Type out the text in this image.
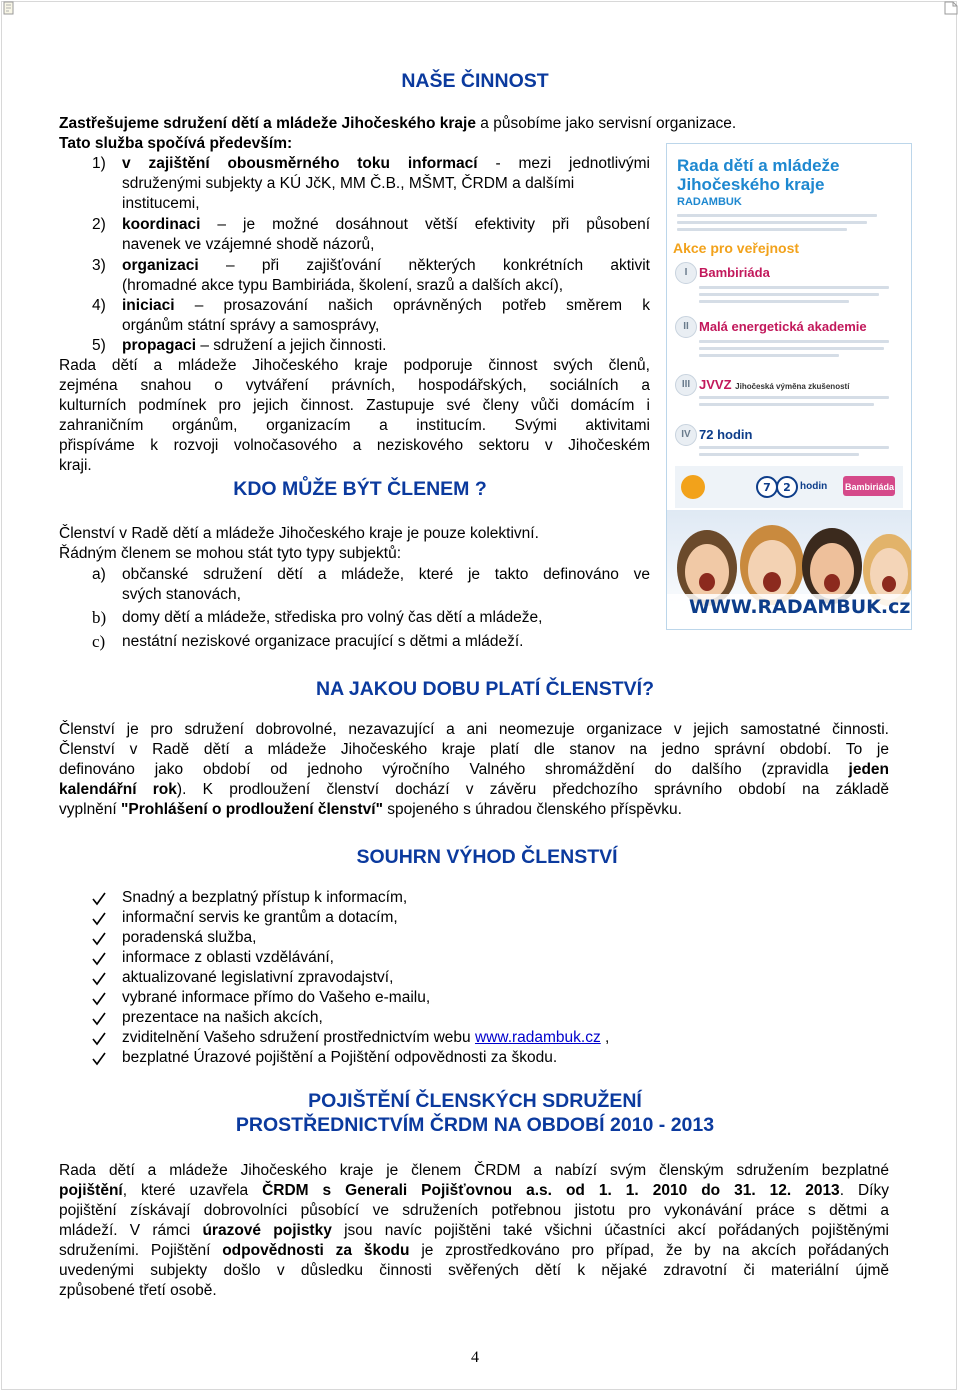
NAŠE ČINNOST
Zastřešujeme sdružení dětí a mládeže Jihočeského kraje a působíme jako servisní organizace.
Tato služba spočívá především:
1) v zajištění obousměrného toku informací - mezi jednotlivými
sdruženými subjekty a KÚ JčK, MM Č.B., MŠMT, ČRDM a dalšími
institucemi,
2) koordinaci – je možné dosáhnout větší efektivity při působení
navenek ve vzájemné shodě názorů,
3) organizaci – při zajišťování některých konkrétních aktivit
(hromadné akce typu Bambiriáda, školení, srazů a dalších akcí),
4) iniciaci – prosazování našich oprávněných potřeb směrem k
orgánům státní správy a samosprávy,
5) propagaci – sdružení a jejich činnosti.
Rada dětí a mládeže Jihočeského kraje podporuje činnost svých členů,
zejména snahou o vytváření právních, hospodářských, sociálních a
kulturních podmínek pro jejich činnost. Zastupuje své členy vůči domácím i
zahraničním orgánům, organizacím a institucím. Svými aktivitami
přispíváme k rozvoji volnočasového a neziskového sektoru v Jihočeském
kraji.
KDO MŮŽE BÝT ČLENEM ?
Členství v Radě dětí a mládeže Jihočeského kraje je pouze kolektivní.
Řádným členem se mohou stát tyto typy subjektů:
a) občanské sdružení dětí a mládeže, které je takto definováno ve
svých stanovách,
b) domy dětí a mládeže, střediska pro volný čas dětí a mládeže,
c) nestátní neziskové organizace pracující s dětmi a mládeží.
Rada dětí a mládeže
Jihočeského kraje
RADAMBUK
Akce pro veřejnost
I Bambiriáda
II Malá energetická akademie
III JVVZ Jihočeská výměna zkušeností
IV 72 hodin
7 2 hodin Bambiriáda
WWW.RADAMBUK.cz
NA JAKOU DOBU PLATÍ ČLENSTVÍ?
Členství je pro sdružení dobrovolné, nezavazující a ani neomezuje organizace v jejich samostatné činnosti.
Členství v Radě dětí a mládeže Jihočeského kraje platí dle stanov na jedno správní období. To je
definováno jako období od jednoho výročního Valného shromáždění do dalšího (zpravidla jeden
kalendářní rok). K prodloužení členství dochází v závěru předchozího správního období na základě
vyplnění "Prohlášení o prodloužení členství" spojeného s úhradou členského příspěvku.
SOUHRN VÝHOD ČLENSTVÍ
Snadný a bezplatný přístup k informacím,
informační servis ke grantům a dotacím,
poradenská služba,
informace z oblasti vzdělávání,
aktualizované legislativní zpravodajství,
vybrané informace přímo do Vašeho e-mailu,
prezentace na našich akcích,
zviditelnění Vašeho sdružení prostřednictvím webu www.radambuk.cz ,
bezplatné Úrazové pojištění a Pojištění odpovědnosti za škodu.
POJIŠTĚNÍ ČLENSKÝCH SDRUŽENÍ
PROSTŘEDNICTVÍM ČRDM NA OBDOBÍ 2010 - 2013
Rada dětí a mládeže Jihočeského kraje je členem ČRDM a nabízí svým členským sdružením bezplatné
pojištění, které uzavřela ČRDM s Generali Pojišťovnou a.s. od 1. 1. 2010 do 31. 12. 2013. Díky
pojištění získávají dobrovolníci působící ve sdruženích potřebnou jistotu pro vykonávání práce s dětmi a
mládeží. V rámci úrazové pojistky jsou navíc pojištěni také všichni účastníci akcí pořádaných pojištěnými
sdruženími. Pojištění odpovědnosti za škodu je zprostředkováno pro případ, že by na akcích pořádaných
uvedenými subjekty došlo v důsledku činnosti svěřených dětí k nějaké zdravotní či materiální újmě
způsobené třetí osobě.
4
